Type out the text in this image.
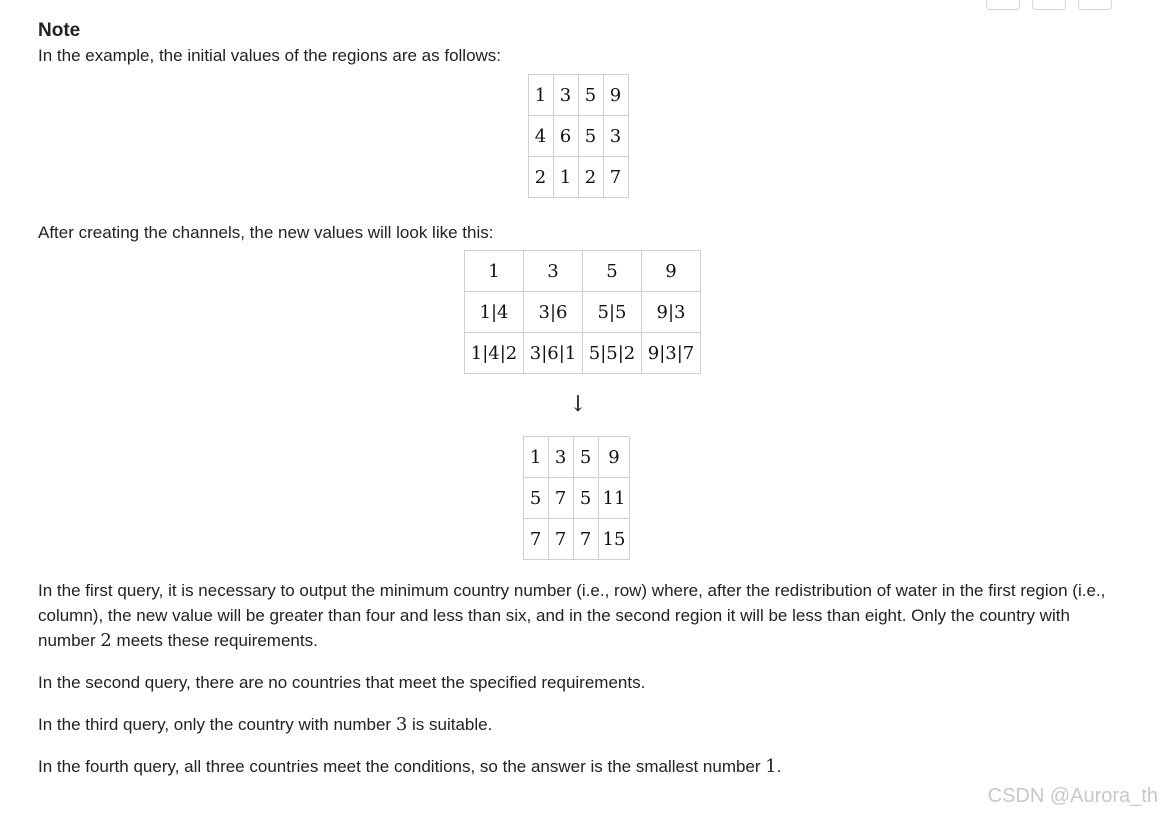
Note

In the example, the initial values of the regions are as follows:

1	3	5	9
4	6	5	3
2	1	2	7

After creating the channels, the new values will look like this:

1	3	5	9
1|4	3|6	5|5	9|3
1|4|2	3|6|1	5|5|2	9|3|7
↓
1	3	5	9
5	7	5	11
7	7	7	15

In the first query, it is necessary to output the minimum country number (i.e., row) where, after the redistribution of water in the first region (i.e., column), the new value will be greater than four and less than six, and in the second region it will be less than eight. Only the country with number 2 meets these requirements.

In the second query, there are no countries that meet the specified requirements.

In the third query, only the country with number 3 is suitable.

In the fourth query, all three countries meet the conditions, so the answer is the smallest number 1.

CSDN @Aurora_th
